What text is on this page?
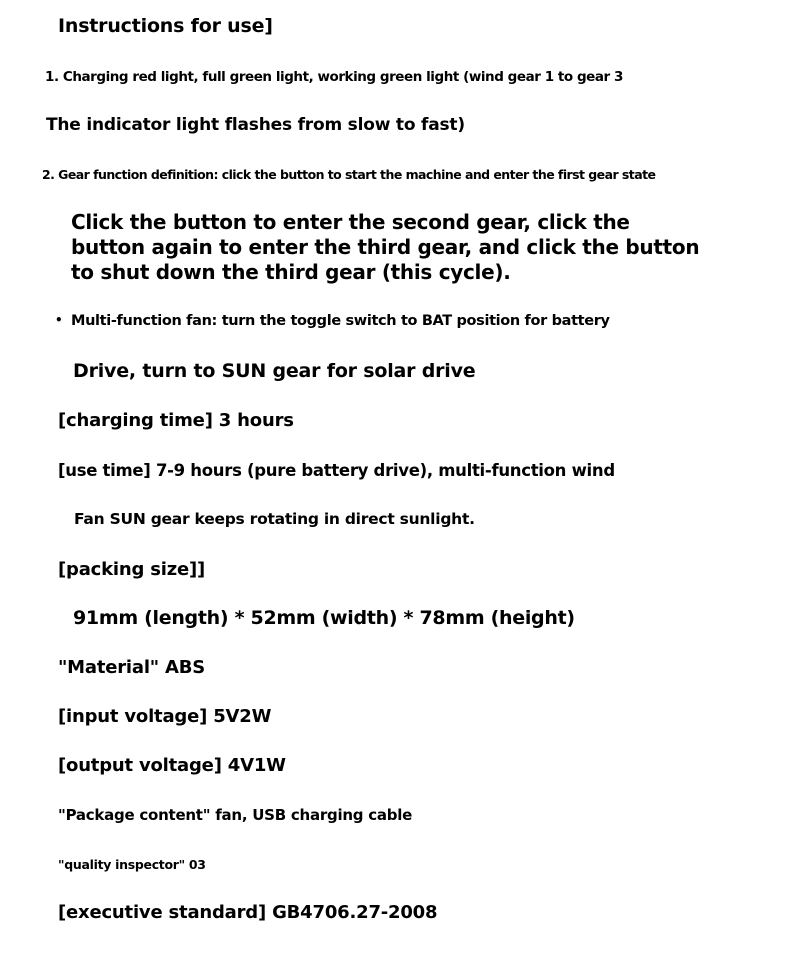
Instructions for use]

1. Charging red light, full green light, working green light (wind gear 1 to gear 3

The indicator light flashes from slow to fast)

2. Gear function definition: click the button to start the machine and enter the first gear state

Click the button to enter the second gear, click the

button again to enter the third gear, and click the button

to shut down the third gear (this cycle).

• Multi-function fan: turn the toggle switch to BAT position for battery

Drive, turn to SUN gear for solar drive

[charging time] 3 hours

[use time] 7-9 hours (pure battery drive), multi-function wind

Fan SUN gear keeps rotating in direct sunlight.

[packing size]]

91mm (length) * 52mm (width) * 78mm (height)

"Material" ABS

[input voltage] 5V2W

[output voltage] 4V1W

"Package content" fan, USB charging cable

"quality inspector" 03

[executive standard] GB4706.27-2008
